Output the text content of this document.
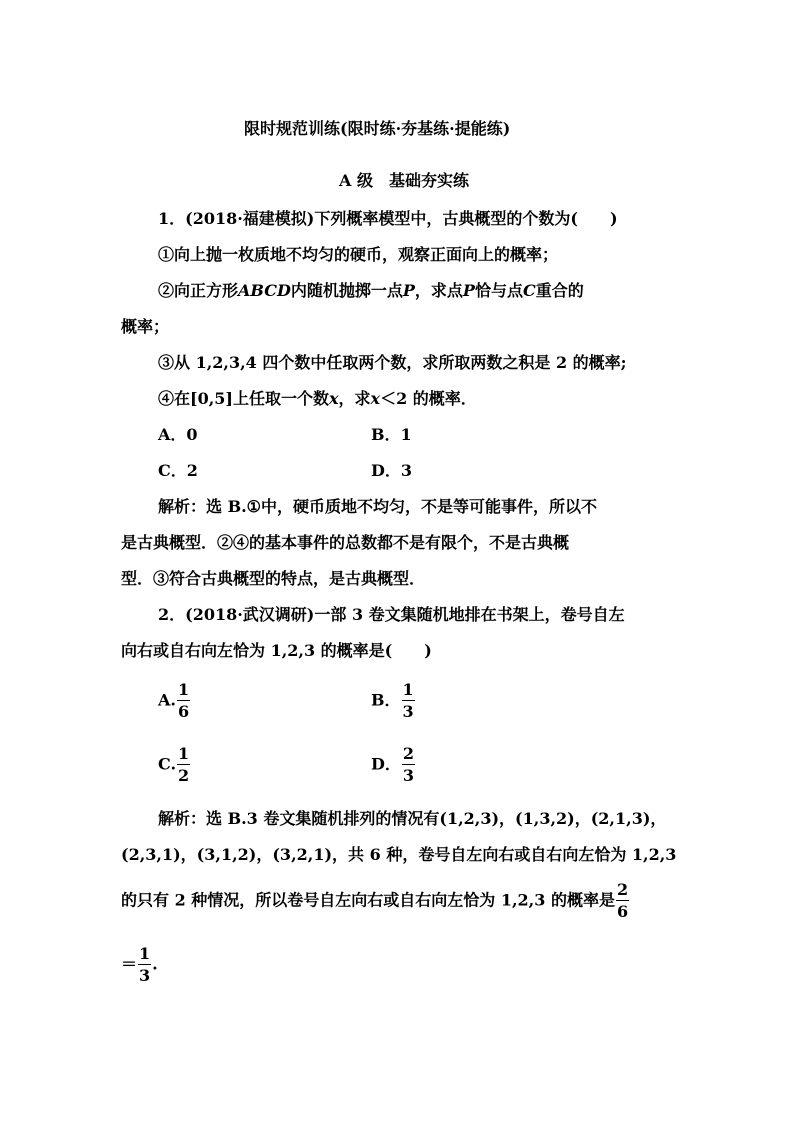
限时规范训练(限时练·夯基练·提能练)
A 级　基础夯实练
1．(2018·福建模拟)下列概率模型中，古典概型的个数为(　　)
①向上抛一枚质地不均匀的硬币，观察正面向上的概率；
②向正方形ABCD内随机抛掷一点P，求点P恰与点C重合的
概率；
③从 1,2,3,4 四个数中任取两个数，求所取两数之积是 2 的概率;
④在[0,5]上任取一个数x，求x＜2 的概率．
A．0	B．1
C．2	D．3
解析：选 B.①中，硬币质地不均匀，不是等可能事件，所以不
是古典概型．②④的基本事件的总数都不是有限个，不是古典概
型．③符合古典概型的特点，是古典概型．
2．(2018·武汉调研)一部 3 卷文集随机地排在书架上，卷号自左
向右或自右向左恰为 1,2,3 的概率是(　　)
A. $\frac{1}{6}$	B． $\frac{1}{3}$
C. $\frac{1}{2}$	D． $\frac{2}{3}$
解析：选 B.3 卷文集随机排列的情况有(1,2,3)，(1,3,2)，(2,1,3)，
(2,3,1)，(3,1,2)，(3,2,1)，共 6 种，卷号自左向右或自右向左恰为 1,2,3
的只有 2 种情况，所以卷号自左向右或自右向左恰为 1,2,3 的概率是 $\frac{2}{6}$
＝ $\frac{1}{3}$ .
